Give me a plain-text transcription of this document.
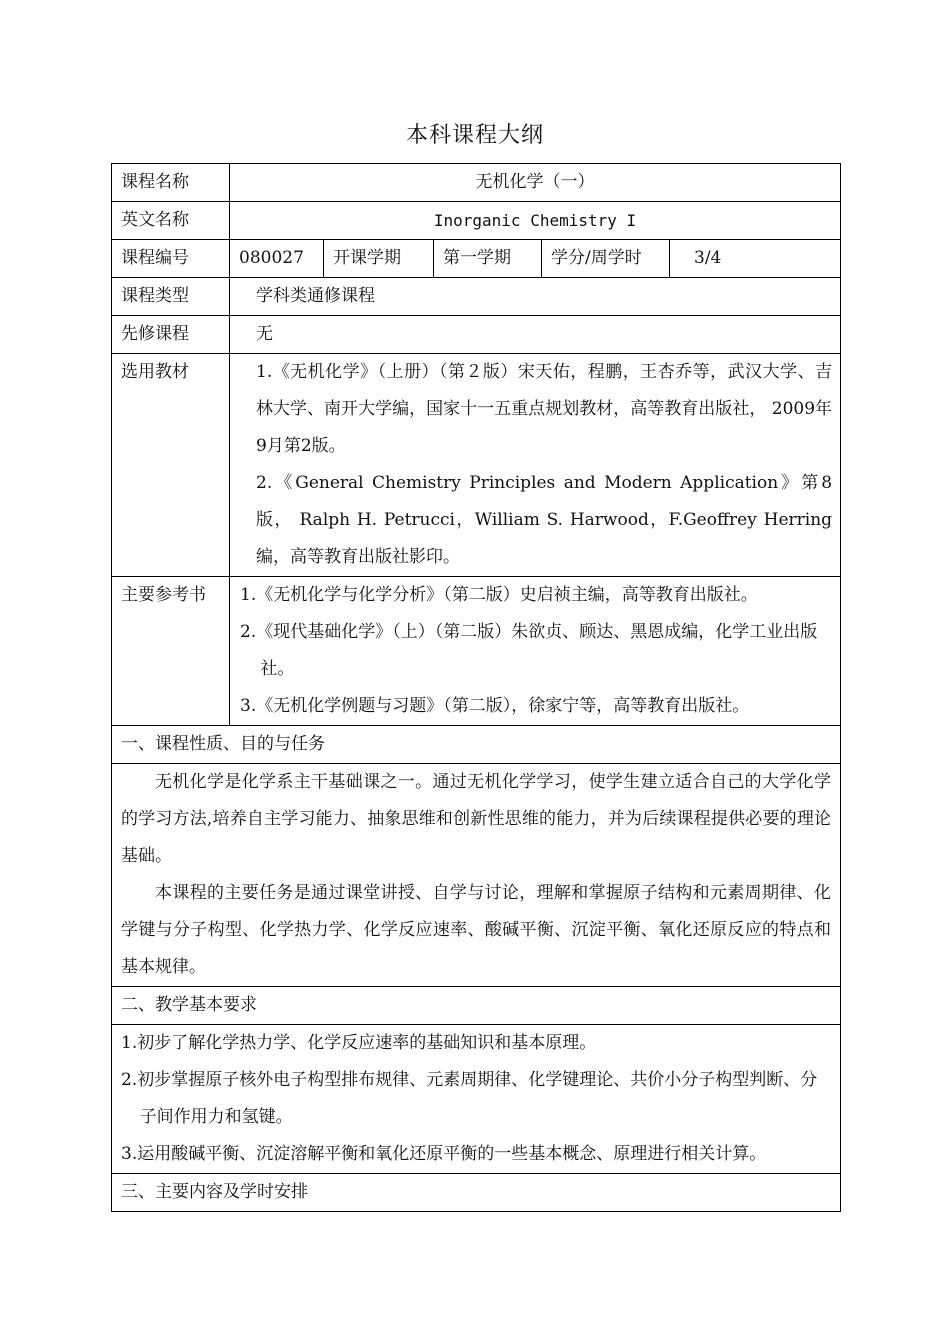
本科课程大纲
课程名称	无机化学（一）				
英文名称	Inorganic Chemistry I				
课程编号	080027	开课学期	第一学期	学分/周学时	3/4
课程类型	学科类通修课程				
先修课程	无				
选用教材	1.《无机化学》（上册）（第２版）宋天佑，程鹏，王杏乔等，武汉大学、吉林大学、南开大学编，国家十一五重点规划教材，高等教育出版社， 2009年9月第2版。

2.《General Chemistry Principles and Modern Application》第8版， Ralph H. Petrucci，William S. Harwood，F.Geoffrey Herring编，高等教育出版社影印。				

主要参考书	1.《无机化学与化学分析》（第二版）史启祯主编，高等教育出版社。

2.《现代基础化学》（上）（第二版）朱欲贞、顾达、黑恩成编，化学工业出版社。

3.《无机化学例题与习题》（第二版），徐家宁等，高等教育出版社。				

一、课程性质、目的与任务					

无机化学是化学系主干基础课之一。通过无机化学学习，使学生建立适合自己的大学化学的学习方法,培养自主学习能力、抽象思维和创新性思维的能力，并为后续课程提供必要的理论基础。

本课程的主要任务是通过课堂讲授、自学与讨论，理解和掌握原子结构和元素周期律、化学键与分子构型、化学热力学、化学反应速率、酸碱平衡、沉淀平衡、氧化还原反应的特点和基本规律。					

二、教学基本要求					

1.初步了解化学热力学、化学反应速率的基础知识和基本原理。

2.初步掌握原子核外电子构型排布规律、元素周期律、化学键理论、共价小分子构型判断、分子间作用力和氢键。

3.运用酸碱平衡、沉淀溶解平衡和氧化还原平衡的一些基本概念、原理进行相关计算。					

三、主要内容及学时安排					
